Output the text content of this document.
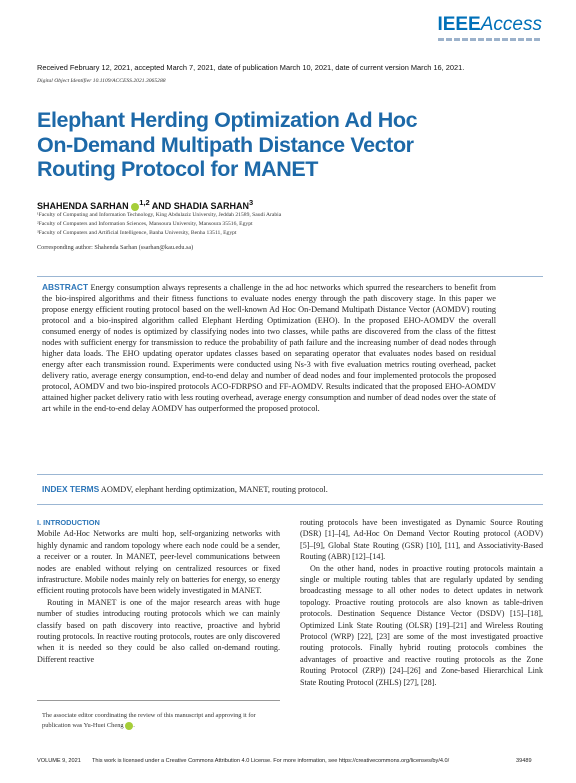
IEEEAccess
Received February 12, 2021, accepted March 7, 2021, date of publication March 10, 2021, date of current version March 16, 2021.
Digital Object Identifier 10.1109/ACCESS.2021.3065288
Elephant Herding Optimization Ad Hoc On-Demand Multipath Distance Vector Routing Protocol for MANET
SHAHENDA SARHAN $^{1,2}$ AND SHADIA SARHAN$^3$
¹Faculty of Computing and Information Technology, King Abdulaziz University, Jeddah 21589, Saudi Arabia
²Faculty of Computers and Information Sciences, Mansoura University, Mansoura 35516, Egypt
³Faculty of Computers and Artificial Intelligence, Banha University, Benha 13511, Egypt
Corresponding author: Shahenda Sarhan (ssarhan@kau.edu.sa)
ABSTRACT Energy consumption always represents a challenge in the ad hoc networks which spurred the researchers to benefit from the bio-inspired algorithms and their fitness functions to evaluate nodes energy through the path discovery stage. In this paper we propose energy efficient routing protocol based on the well-known Ad Hoc On-Demand Multipath Distance Vector (AOMDV) routing protocol and a bio-inspired algorithm called Elephant Herding Optimization (EHO). In the proposed EHO-AOMDV the overall consumed energy of nodes is optimized by classifying nodes into two classes, while paths are discovered from the class of the fittest nodes with sufficient energy for transmission to reduce the probability of path failure and the increasing number of dead nodes through higher data loads. The EHO updating operator updates classes based on separating operator that evaluates nodes based on residual energy after each transmission round. Experiments were conducted using Ns-3 with five evaluation metrics routing overhead, packet delivery ratio, average energy consumption, end-to-end delay and number of dead nodes and four implemented protocols the proposed protocol, AOMDV and two bio-inspired protocols ACO-FDRPSO and FF-AOMDV. Results indicated that the proposed EHO-AOMDV attained higher packet delivery ratio with less routing overhead, average energy consumption and number of dead nodes over the state of art while in the end-to-end delay AOMDV has outperformed the proposed protocol.
INDEX TERMS AOMDV, elephant herding optimization, MANET, routing protocol.
I. INTRODUCTION

Mobile Ad-Hoc Networks are multi hop, self-organizing networks with highly dynamic and random topology where each node could be a sender, a receiver or a router. In MANET, peer-level communications between nodes are enabled without relying on centralized resources or fixed infrastructure. Mobile nodes mainly rely on batteries for energy, so energy efficient routing protocols have been widely investigated in MANET.

Routing in MANET is one of the major research areas with huge number of studies introducing routing protocols which we can mainly classify based on path discovery into reactive, proactive and hybrid routing protocols. In reactive routing protocols, routes are only discovered when it is needed so they could be also called on-demand routing. Different reactive

routing protocols have been investigated as Dynamic Source Routing (DSR) [1]–[4], Ad-Hoc On Demand Vector Routing protocol (AODV) [5]–[9], Global State Routing (GSR) [10], [11], and Associativity-Based Routing (ABR) [12]–[14].

On the other hand, nodes in proactive routing protocols maintain a single or multiple routing tables that are regularly updated by sending broadcasting message to all other nodes to detect updates in network topology. Proactive routing protocols are also known as table-driven protocols. Destination Sequence Distance Vector (DSDV) [15]–[18], Optimized Link State Routing (OLSR) [19]–[21] and Wireless Routing Protocol (WRP) [22], [23] are some of the most investigated proactive routing protocols. Finally hybrid routing protocols combines the advantages of proactive and reactive routing protocols as the Zone Routing Protocol (ZRP)) [24]–[26] and Zone-based Hierarchical Link State Routing Protocol (ZHLS) [27], [28].

The associate editor coordinating the review of this manuscript and approving it for publication was Yu-Huei Cheng .
VOLUME 9, 2021 This work is licensed under a Creative Commons Attribution 4.0 License. For more information, see https://creativecommons.org/licenses/by/4.0/	39489
